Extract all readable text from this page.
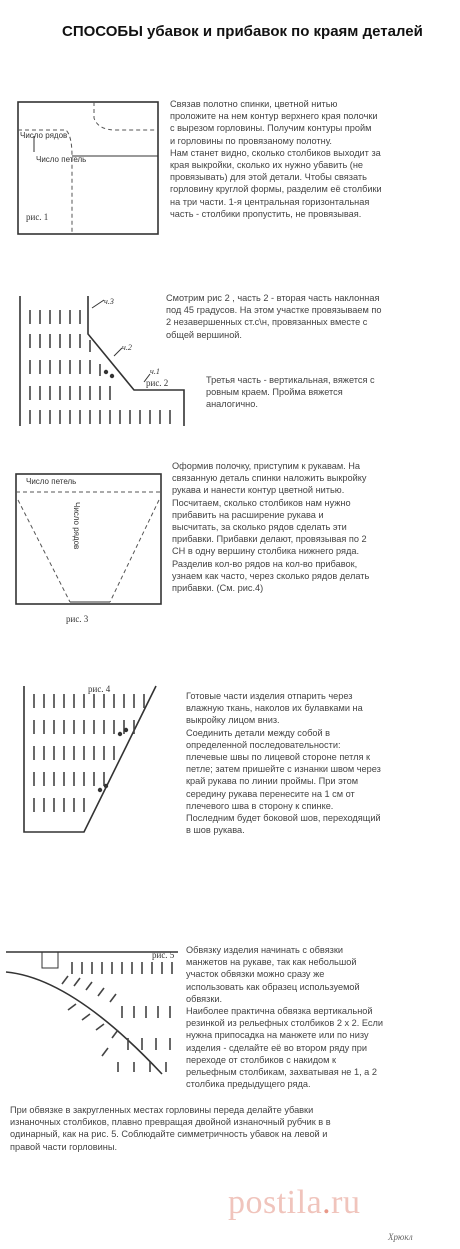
СПОСОБЫ убавок и прибавок по краям деталей
Число рядов
Число петель
рис. 1
Связав полотно спинки, цветной нитью
проложите на нем контур верхнего края полочки
с вырезом горловины. Получим контуры пройм
и горловины по провязаному полотну.
Нам станет видно, сколько столбиков выходит за
края выкройки, сколько их нужно убавить (не
провязывать) для этой детали. Чтобы связать
горловину круглой формы, разделим её столбики
на три части. 1-я центральная горизонтальная
часть - столбики пропустить, не провязывая.
ч.3
ч.2
ч.1
рис. 2
Смотрим рис 2 , часть 2 - вторая часть наклонная
под 45 градусов. На этом участке провязываем по
2 незавершенных ст.с\н, провязанных вместе с
общей вершиной.
Третья часть - вертикальная, вяжется с
ровным краем. Пройма вяжется
аналогично.
Число петель
Число рядов
рис. 3
Оформив полочку, приступим к рукавам. На
связанную деталь спинки наложить выкройку
рукава и нанести контур цветной нитью.
Посчитаем, сколько столбиков нам нужно
прибавить на расширение рукава и
высчитать, за сколько рядов сделать эти
прибавки. Прибавки делают, провязывая по 2
СН в одну вершину столбика нижнего ряда.
Разделив кол-во рядов на кол-во прибавок,
узнаем как часто, через сколько рядов делать
прибавки. (См. рис.4)
рис. 4
Готовые части изделия отпарить через
влажную ткань, наколов их булавками на
выкройку лицом вниз.
Соединить детали между собой в
определенной последовательности:
плечевые швы по лицевой стороне петля к
петле; затем пришейте с изнанки швом через
край рукава по линии проймы. При этом
середину рукава перенесите на 1 см от
плечевого шва в сторону к спинке.
Последним будет боковой шов, переходящий
в шов рукава.
рис. 5 Обвязку изделия начинать с обвязки
манжетов на рукаве, так как небольшой
участок обвязки можно сразу же
использовать как образец используемой
обвязки.
Наиболее практична обвязка вертикальной
резинкой из рельефных столбиков 2 х 2. Если
нужна припосадка на манжете или по низу
изделия - сделайте её во втором ряду при
переходе от столбиков с накидом к
рельефным столбикам, захватывая не 1, а 2
столбика предыдущего ряда.
При обвязке в закругленных местах горловины переда делайте убавки
изнаночных столбиков, плавно превращая двойной изнаночный рубчик в в
одинарный, как на рис. 5. Соблюдайте симметричность убавок на левой и
правой части горловины.
postila.ru
Хрюкл
